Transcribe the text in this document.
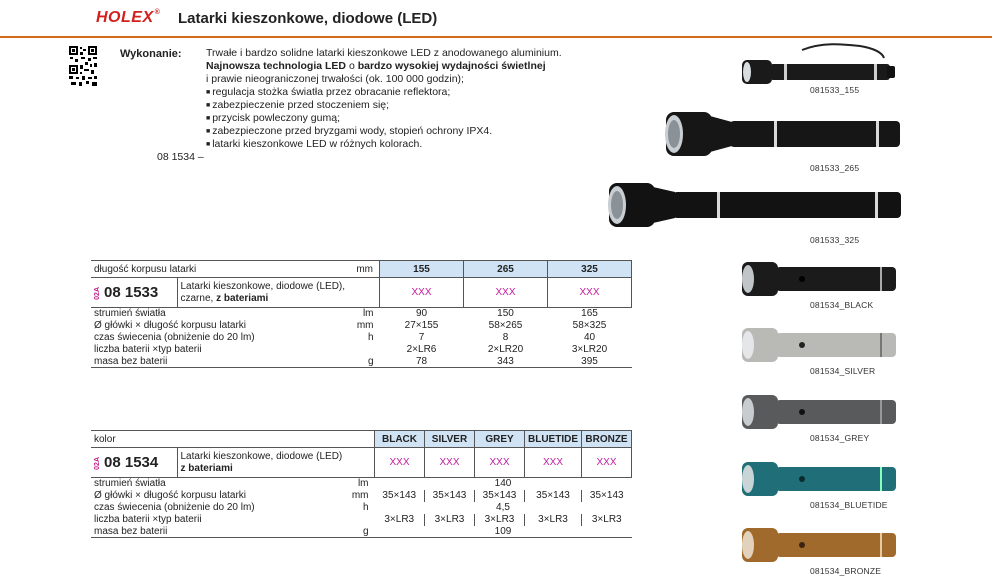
HOLEX® Latarki kieszonkowe, diodowe (LED)
Wykonanie: Trwałe i bardzo solidne latarki kieszonkowe LED z anodowanego aluminium.
Najnowsza technologia LED o bardzo wysokiej wydajności świetlnej
i prawie nieograniczonej trwałości (ok. 100 000 godzin);
■ regulacja stożka światła przez obracanie reflektora;
■ zabezpieczenie przed stoczeniem się;
■ przycisk powleczony gumą;
■ zabezpieczone przed bryzgami wody, stopień ochrony IPX4.
■ latarki kieszonkowe LED w różnych kolorach.
08 1534 –
długość korpusu latarki		mm	155	265	325
02A 08 1533	Latarki kieszonkowe, diodowe (LED),
czarne, z bateriami		XXX	XXX	XXX
strumień światła		lm	90	150	165
Ø główki × długość korpusu latarki		mm	27×155	58×265	58×325
czas świecenia (obniżenie do 20 lm)		h	7	8	40
liczba baterii ×typ baterii			2×LR6	2×LR20	3×LR20
masa bez baterii		g	78	343	395
kolor			BLACK	SILVER	GREY	BLUETIDE	BRONZE
02A 08 1534	Latarki kieszonkowe, diodowe (LED)
z bateriami		XXX	XXX	XXX	XXX	XXX
strumień światła		lm	140				
Ø główki × długość korpusu latarki		mm	35×143	35×143	35×143	35×143	35×143
czas świecenia (obniżenie do 20 lm)		h	4,5				
liczba baterii ×typ baterii			3×LR3	3×LR3	3×LR3	3×LR3	3×LR3
masa bez baterii		g	109				
081533_155
081533_265
081533_325
081534_BLACK
081534_SILVER
081534_GREY
081534_BLUETIDE
081534_BRONZE
